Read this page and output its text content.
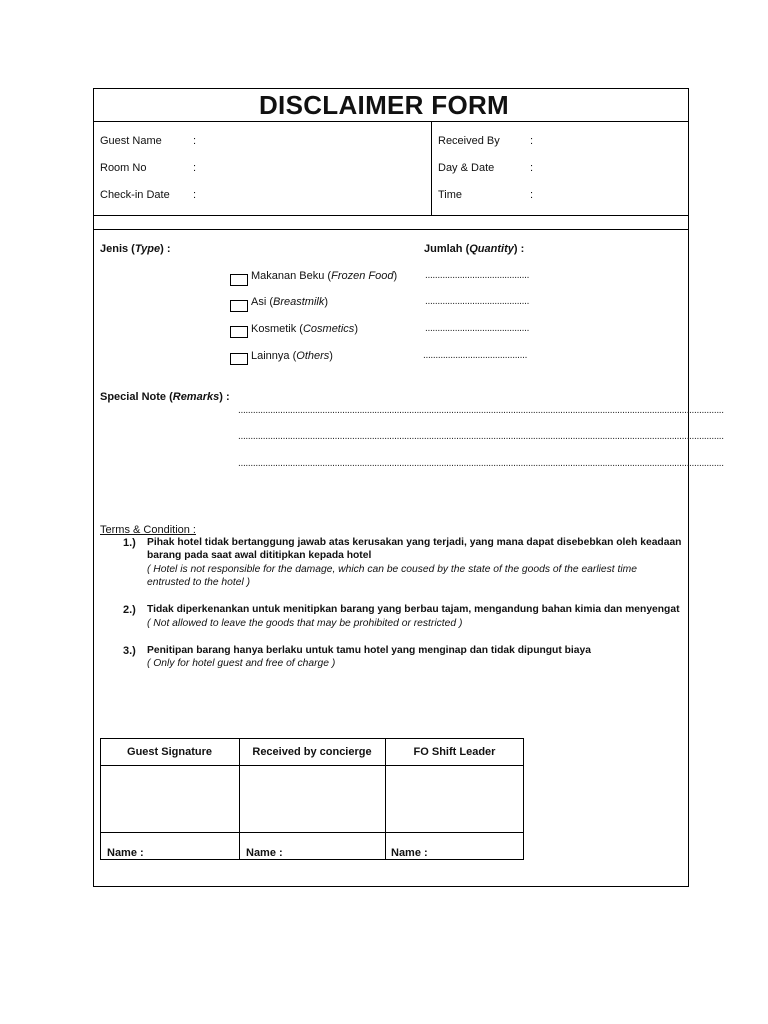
DISCLAIMER FORM
Guest Name	:
Room No	:
Check-in Date :
Received By	:
Day & Date	:
Time	:
Jenis (Type) :	Jumlah (Quantity) :
Makanan Beku (Frozen Food)	..........................................
Asi (Breastmilk)	..........................................
Kosmetik (Cosmetics)	..........................................
Lainnya (Others)	..........................................
Special Note (Remarks) :
....................................................................................................................................................................................................
....................................................................................................................................................................................................
....................................................................................................................................................................................................
Terms & Condition :
1.) Pihak hotel tidak bertanggung jawab atas kerusakan yang terjadi, yang mana dapat disebebkan oleh keadaan
barang pada saat awal dititipkan kepada hotel
( Hotel is not responsible for the damage, which can be coused by the state of the goods of the earliest time
entrusted to the hotel )
2.) Tidak diperkenankan untuk menitipkan barang yang berbau tajam, mengandung bahan kimia dan menyengat
( Not allowed to leave the goods that may be prohibited or restricted )
3.) Penitipan barang hanya berlaku untuk tamu hotel yang menginap dan tidak dipungut biaya
( Only for hotel guest and free of charge )
Guest Signature	Received by concierge	FO Shift Leader
Name :	Name :	Name :
